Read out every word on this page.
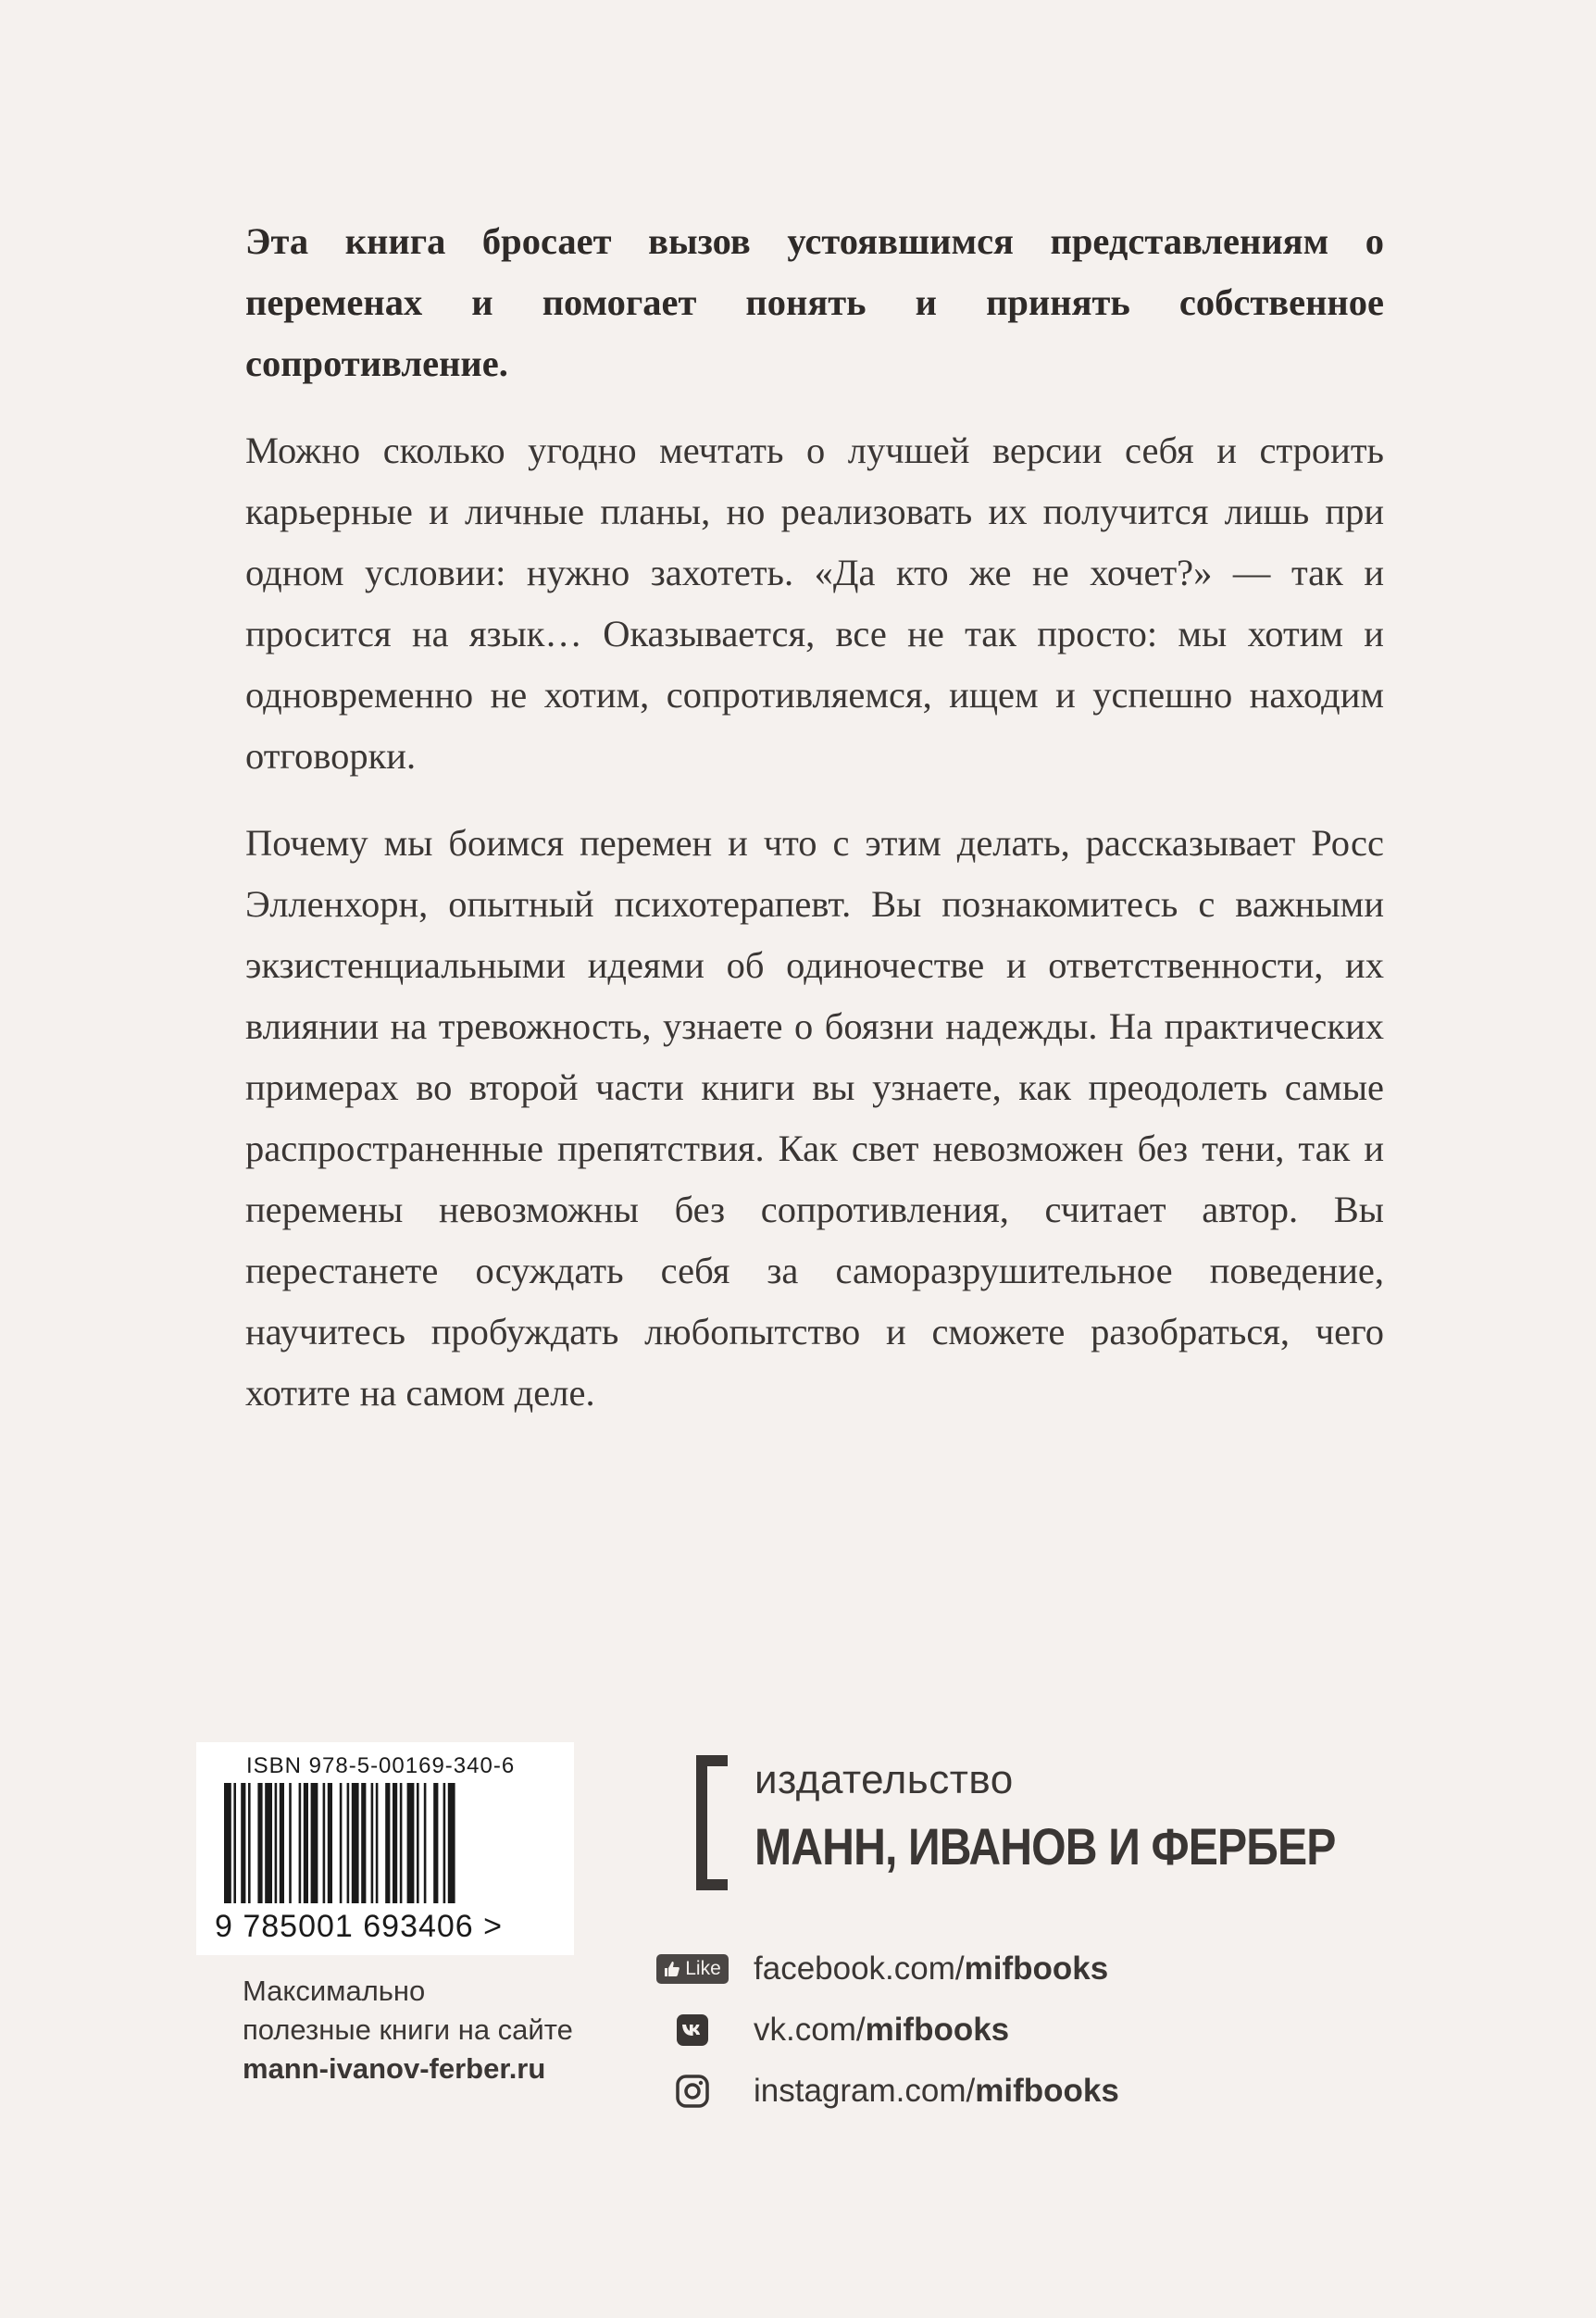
Эта книга бросает вызов устоявшимся представлениям о переменах и помогает понять и принять собственное сопротивление.

Можно сколько угодно мечтать о лучшей версии себя и строить карьерные и личные планы, но реализовать их получится лишь при одном условии: нужно захотеть. «Да кто же не хочет?» — так и просится на язык… Оказывается, все не так просто: мы хотим и одновременно не хотим, сопротивляемся, ищем и успешно находим отговорки.

Почему мы боимся перемен и что с этим делать, рассказывает Росс Элленхорн, опытный психотерапевт. Вы познакомитесь с важными экзистенциальными идеями об одиночестве и ответственности, их влиянии на тревожность, узнаете о боязни надежды. На практических примерах во второй части книги вы узнаете, как преодолеть самые распространенные препятствия. Как свет невозможен без тени, так и перемены невозможны без сопротивления, считает автор. Вы перестанете осуждать себя за саморазрушительное поведение, научитесь пробуждать любопытство и сможете разобраться, чего хотите на самом деле.

ISBN 978-5-00169-340-6
9 785001 693406 >
Максимально
полезные книги на сайте
mann-ivanov-ferber.ru
издательство
МАНН, ИВАНОВ И ФЕРБЕР
Like facebook.com/mifbooks
vk.com/mifbooks
instagram.com/mifbooks
